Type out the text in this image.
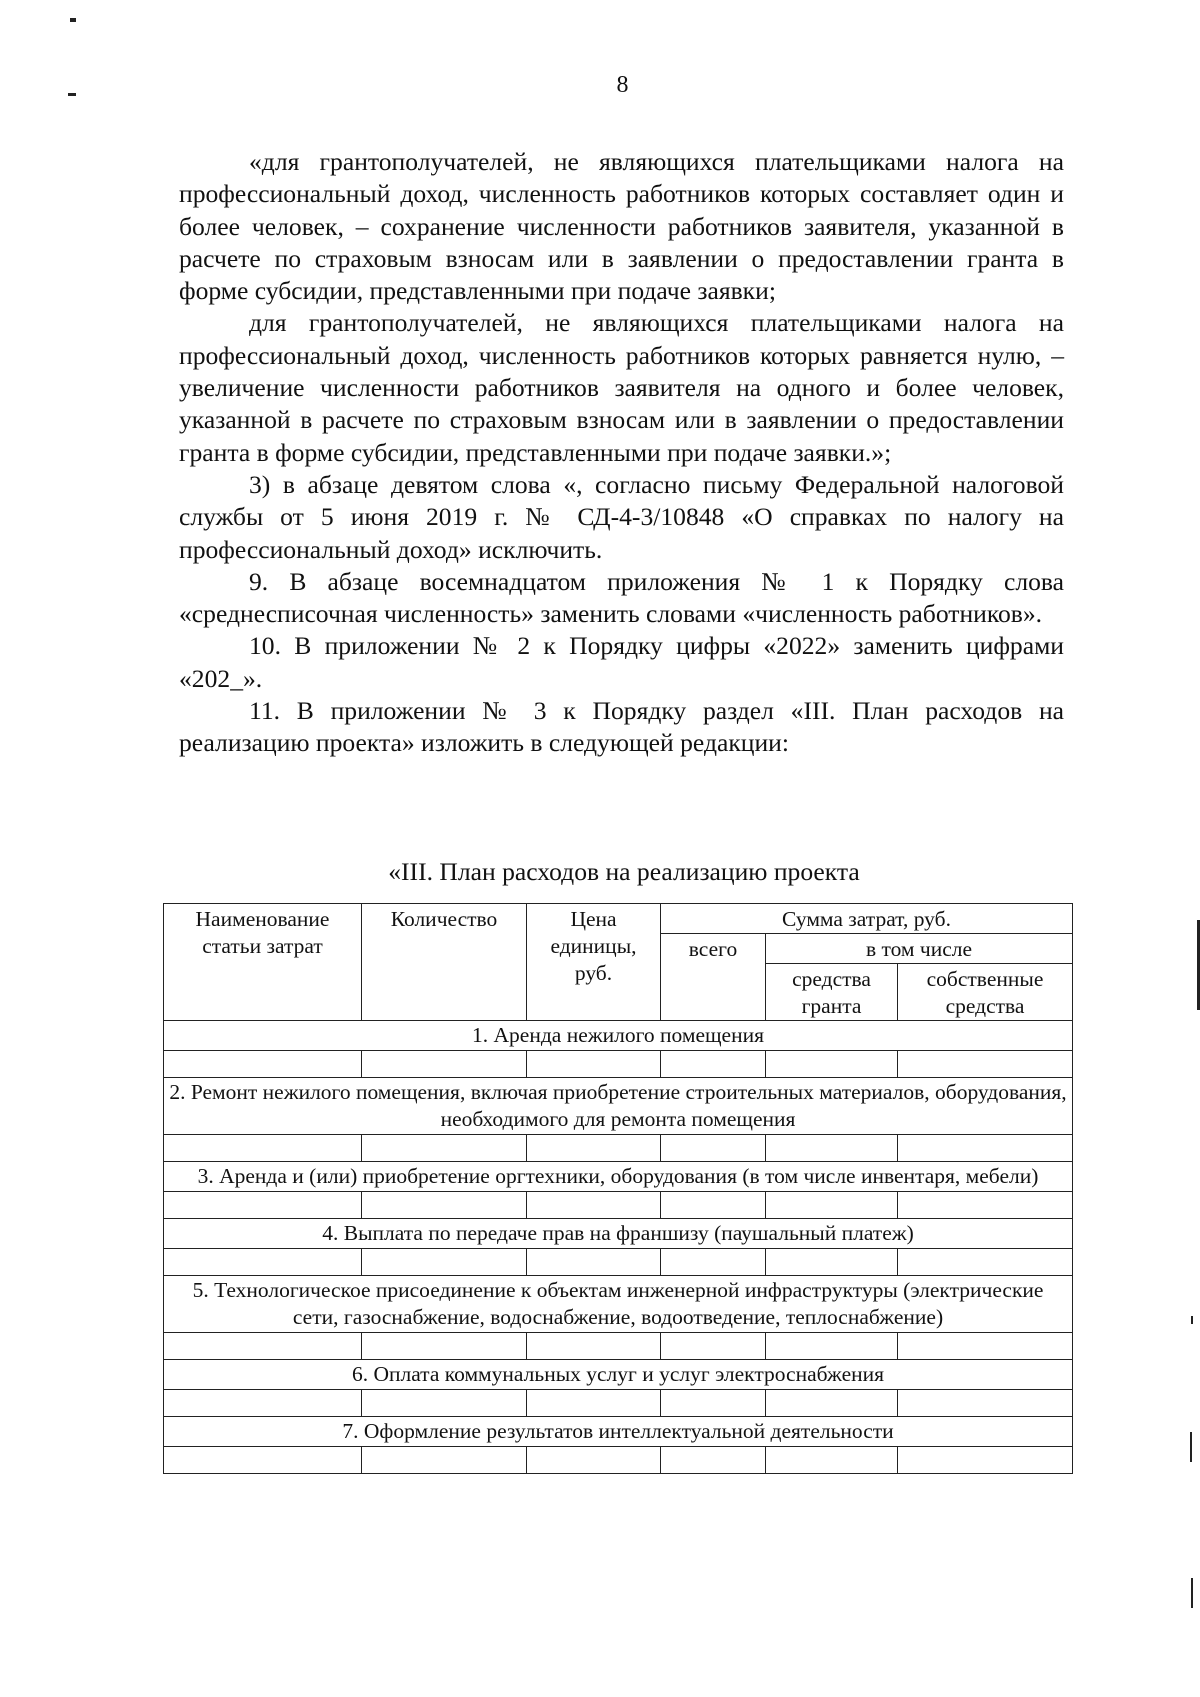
8

«для грантополучателей, не являющихся плательщиками налога на профессиональный доход, численность работников которых составляет один и более человек, – сохранение численности работников заявителя, указанной в расчете по страховым взносам или в заявлении о предоставлении гранта в форме субсидии, представленными при подаче заявки;

для грантополучателей, не являющихся плательщиками налога на профессиональный доход, численность работников которых равняется нулю, – увеличение численности работников заявителя на одного и более человек, указанной в расчете по страховым взносам или в заявлении о предоставлении гранта в форме субсидии, представленными при подаче заявки.»;

3) в абзаце девятом слова «, согласно письму Федеральной налоговой службы от 5 июня 2019 г. № СД-4-3/10848 «О справках по налогу на профессиональный доход» исключить.

9. В абзаце восемнадцатом приложения № 1 к Порядку слова «среднесписочная численность» заменить словами «численность работников».

10. В приложении № 2 к Порядку цифры «2022» заменить цифрами «202_».

11. В приложении № 3 к Порядку раздел «III. План расходов на реализацию проекта» изложить в следующей редакции:

«III. План расходов на реализацию проекта
Наименование статьи затрат	Количество	Цена единицы, руб.	Сумма затрат, руб.		
			всего	в том числе	
				средства гранта	собственные средства
1. Аренда нежилого помещения					

2. Ремонт нежилого помещения, включая приобретение строительных материалов, оборудования, необходимого для ремонта помещения					

3. Аренда и (или) приобретение оргтехники, оборудования (в том числе инвентаря, мебели)					

4. Выплата по передаче прав на франшизу (паушальный платеж)					

5. Технологическое присоединение к объектам инженерной инфраструктуры (электрические сети, газоснабжение, водоснабжение, водоотведение, теплоснабжение)					

6. Оплата коммунальных услуг и услуг электроснабжения					

7. Оформление результатов интеллектуальной деятельности					
